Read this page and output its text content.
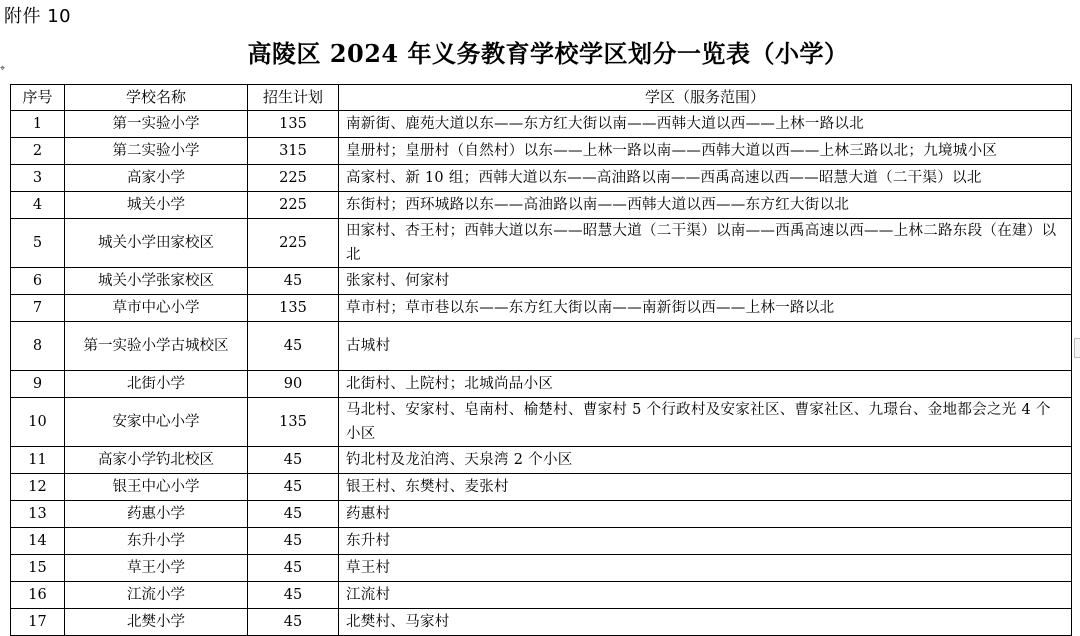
附件 10
高陵区 2024 年义务教育学校学区划分一览表（小学）
⌖
序号	学校名称	招生计划	学区（服务范围）
1	第一实验小学	135	南新街、鹿苑大道以东——东方红大街以南——西韩大道以西——上林一路以北
2	第二实验小学	315	皇册村；皇册村（自然村）以东——上林一路以南——西韩大道以西——上林三路以北；九境城小区
3	高家小学	225	高家村、新 10 组；西韩大道以东——高油路以南——西禹高速以西——昭慧大道（二干渠）以北
4	城关小学	225	东街村；西环城路以东——高油路以南——西韩大道以西——东方红大街以北
5	城关小学田家校区	225	田家村、杏王村；西韩大道以东——昭慧大道（二干渠）以南——西禹高速以西——上林二路东段（在建）以北
6	城关小学张家校区	45	张家村、何家村
7	草市中心小学	135	草市村；草市巷以东——东方红大街以南——南新街以西——上林一路以北
8	第一实验小学古城校区	45	古城村
9	北街小学	90	北街村、上院村；北城尚品小区
10	安家中心小学	135	马北村、安家村、皂南村、榆楚村、曹家村 5 个行政村及安家社区、曹家社区、九璟台、金地都会之光 4 个小区
11	高家小学钓北校区	45	钓北村及龙泊湾、天泉湾 2 个小区
12	银王中心小学	45	银王村、东樊村、麦张村
13	药惠小学	45	药惠村
14	东升小学	45	东升村
15	草王小学	45	草王村
16	江流小学	45	江流村
17	北樊小学	45	北樊村、马家村
